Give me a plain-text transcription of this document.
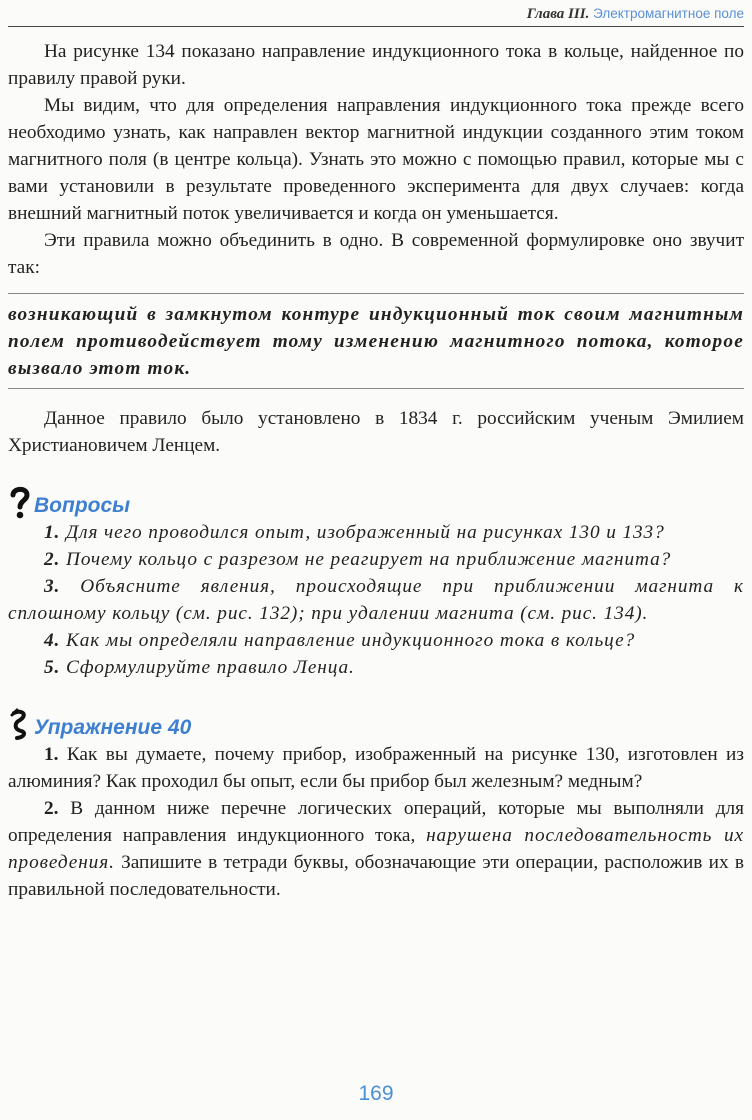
Глава III. Электромагнитное поле

На рисунке 134 показано направление индукционного тока в кольце, найденное по правилу правой руки.

Мы видим, что для определения направления индукционного тока прежде всего необходимо узнать, как направлен вектор магнитной индукции созданного этим током магнитного поля (в центре кольца). Узнать это можно с помощью правил, которые мы с вами установили в результате проведенного эксперимента для двух случаев: когда внешний магнитный поток увеличивается и когда он уменьшается.

Эти правила можно объединить в одно. В современной формулировке оно звучит так:

возникающий в замкнутом контуре индукционный ток своим магнитным полем противодействует тому изменению магнитного потока, которое вызвало этот ток.

Данное правило было установлено в 1834 г. российским ученым Эмилием Христиановичем Ленцем.

Вопросы

1. Для чего проводился опыт, изображенный на рисунках 130 и 133?

2. Почему кольцо с разрезом не реагирует на приближение магнита?

3. Объясните явления, происходящие при приближении магнита к сплошному кольцу (см. рис. 132); при удалении магнита (см. рис. 134).

4. Как мы определяли направление индукционного тока в кольце?

5. Сформулируйте правило Ленца.

Упражнение 40

1. Как вы думаете, почему прибор, изображенный на рисунке 130, изготовлен из алюминия? Как проходил бы опыт, если бы прибор был железным? медным?

2. В данном ниже перечне логических операций, которые мы выполняли для определения направления индукционного тока, нарушена последовательность их проведения. Запишите в тетради буквы, обозначающие эти операции, расположив их в правильной последовательности.

169
